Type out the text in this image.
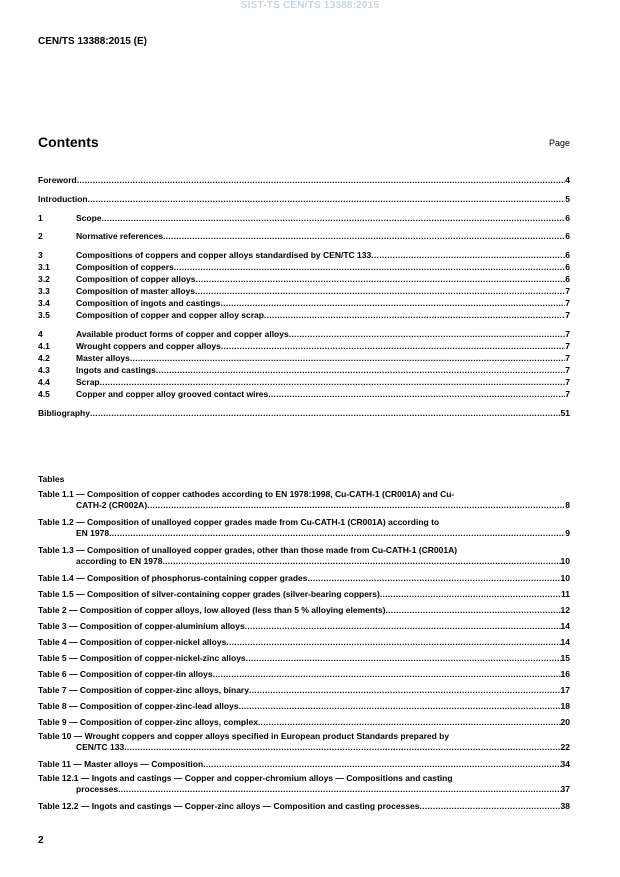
SIST-TS CEN/TS 13388:2015
CEN/TS 13388:2015 (E)
Contents	Page
Foreword .....	4
Introduction .....	5
1	Scope .....	6
2	Normative references .....	6
3	Compositions of coppers and copper alloys standardised by CEN/TC 133 .....	6
3.1	Composition of coppers .....	6
3.2	Composition of copper alloys .....	6
3.3	Composition of master alloys .....	7
3.4	Composition of ingots and castings .....	7
3.5	Composition of copper and copper alloy scrap .....	7
4	Available product forms of copper and copper alloys .....	7
4.1	Wrought coppers and copper alloys .....	7
4.2	Master alloys .....	7
4.3	Ingots and castings .....	7
4.4	Scrap .....	7
4.5	Copper and copper alloy grooved contact wires .....	7
Bibliography .....	51
Tables
Table 1.1 — Composition of copper cathodes according to EN 1978:1998, Cu-CATH-1 (CR001A) and Cu-
CATH-2 (CR002A) .....	8
Table 1.2 — Composition of unalloyed copper grades made from Cu-CATH-1 (CR001A) according to
EN 1978 .....	9
Table 1.3 — Composition of unalloyed copper grades, other than those made from Cu-CATH-1 (CR001A)
according to EN 1978 .....	10
Table 1.4 — Composition of phosphorus-containing copper grades .....	10
Table 1.5 — Composition of silver-containing copper grades (silver-bearing coppers) .....	11
Table 2 — Composition of copper alloys, low alloyed (less than 5 % alloying elements) .....	12
Table 3 — Composition of copper-aluminium alloys .....	14
Table 4 — Composition of copper-nickel alloys .....	14
Table 5 — Composition of copper-nickel-zinc alloys .....	15
Table 6 — Composition of copper-tin alloys .....	16
Table 7 — Composition of copper-zinc alloys, binary .....	17
Table 8 — Composition of copper-zinc-lead alloys .....	18
Table 9 — Composition of copper-zinc alloys, complex .....	20
Table 10 — Wrought coppers and copper alloys specified in European product Standards prepared by
CEN/TC 133 .....	22
Table 11 — Master alloys — Composition .....	34
Table 12.1 — Ingots and castings — Copper and copper-chromium alloys — Compositions and casting
processes .....	37
Table 12.2 — Ingots and castings — Copper-zinc alloys — Composition and casting processes .....	38
2
